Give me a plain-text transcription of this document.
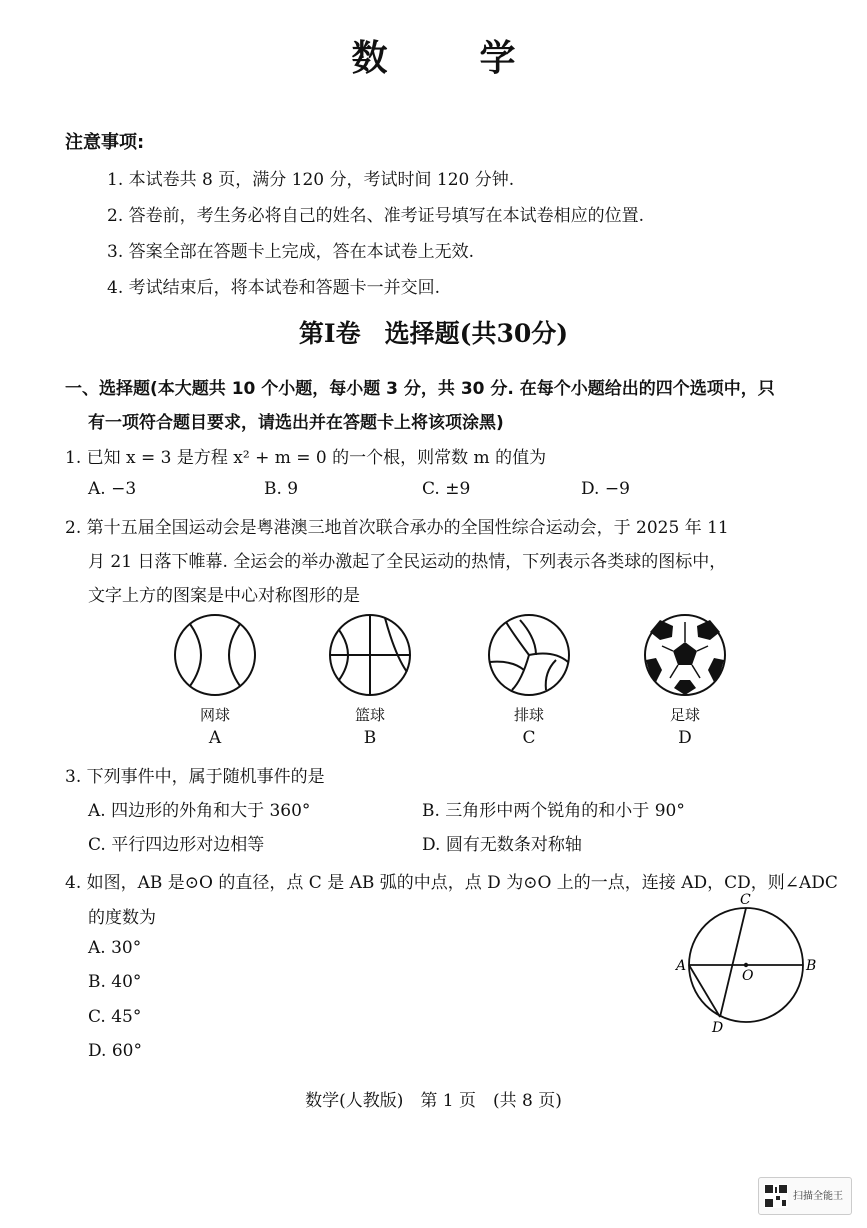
数　学
注意事项:
1. 本试卷共 8 页，满分 120 分，考试时间 120 分钟.
2. 答卷前，考生务必将自己的姓名、准考证号填写在本试卷相应的位置.
3. 答案全部在答题卡上完成，答在本试卷上无效.
4. 考试结束后，将本试卷和答题卡一并交回.
第Ⅰ卷 选择题(共30分)
一、选择题(本大题共 10 个小题，每小题 3 分，共 30 分. 在每个小题给出的四个选项中，只
有一项符合题目要求，请选出并在答题卡上将该项涂黑)
1. 已知 x = 3 是方程 x² + m = 0 的一个根，则常数 m 的值为
A. −3	B. 9	C. ±9	D. −9
2. 第十五届全国运动会是粤港澳三地首次联合承办的全国性综合运动会，于 2025 年 11
月 21 日落下帷幕. 全运会的举办激起了全民运动的热情，下列表示各类球的图标中，
文字上方的图案是中心对称图形的是
网球	篮球	排球	足球
A	B	C	D
3. 下列事件中，属于随机事件的是
A. 四边形的外角和大于 360°	B. 三角形中两个锐角的和小于 90°
C. 平行四边形对边相等	D. 圆有无数条对称轴
4. 如图，AB 是⊙O 的直径，点 C 是 AB 弧的中点，点 D 为⊙O 上的一点，连接 AD，CD，则∠ADC
的度数为
A. 30°
B. 40°
C. 45°
D. 60°
A	B
C
D
O
数学(人教版)　第 1 页　(共 8 页)
扫描全能王
